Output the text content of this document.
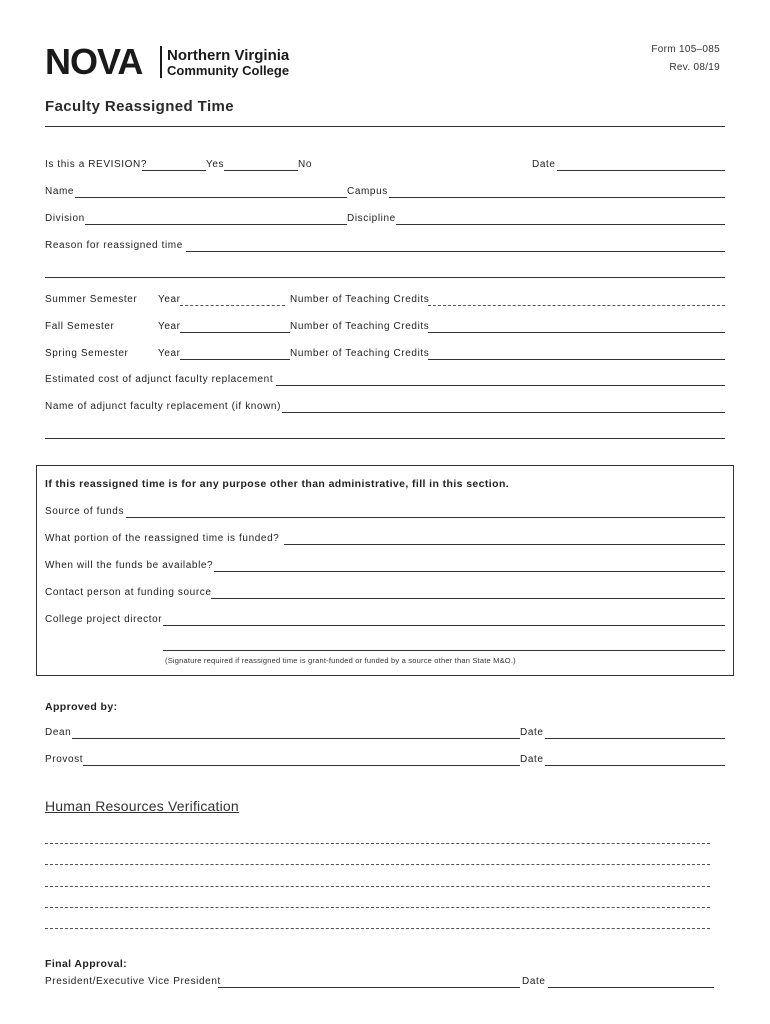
NOVA Northern Virginia
Community College
Form 105–085
Rev. 08/19
Faculty Reassigned Time
Is this a REVISION?	Yes	No	Date
Name	Campus
Division	Discipline
Reason for reassigned time
Summer Semester Year	Number of Teaching Credits
Fall Semester	Year	Number of Teaching Credits
Spring Semester	Year	Number of Teaching Credits
Estimated cost of adjunct faculty replacement
Name of adjunct faculty replacement (if known)
If this reassigned time is for any purpose other than administrative, fill in this section.
Source of funds
What portion of the reassigned time is funded?
When will the funds be available?
Contact person at funding source
College project director
(Signature required if reassigned time is grant-funded or funded by a source other than State M&O.)
Approved by:
Dean	Date
Provost	Date
Human Resources Verification
Final Approval:
President/Executive Vice President	Date
